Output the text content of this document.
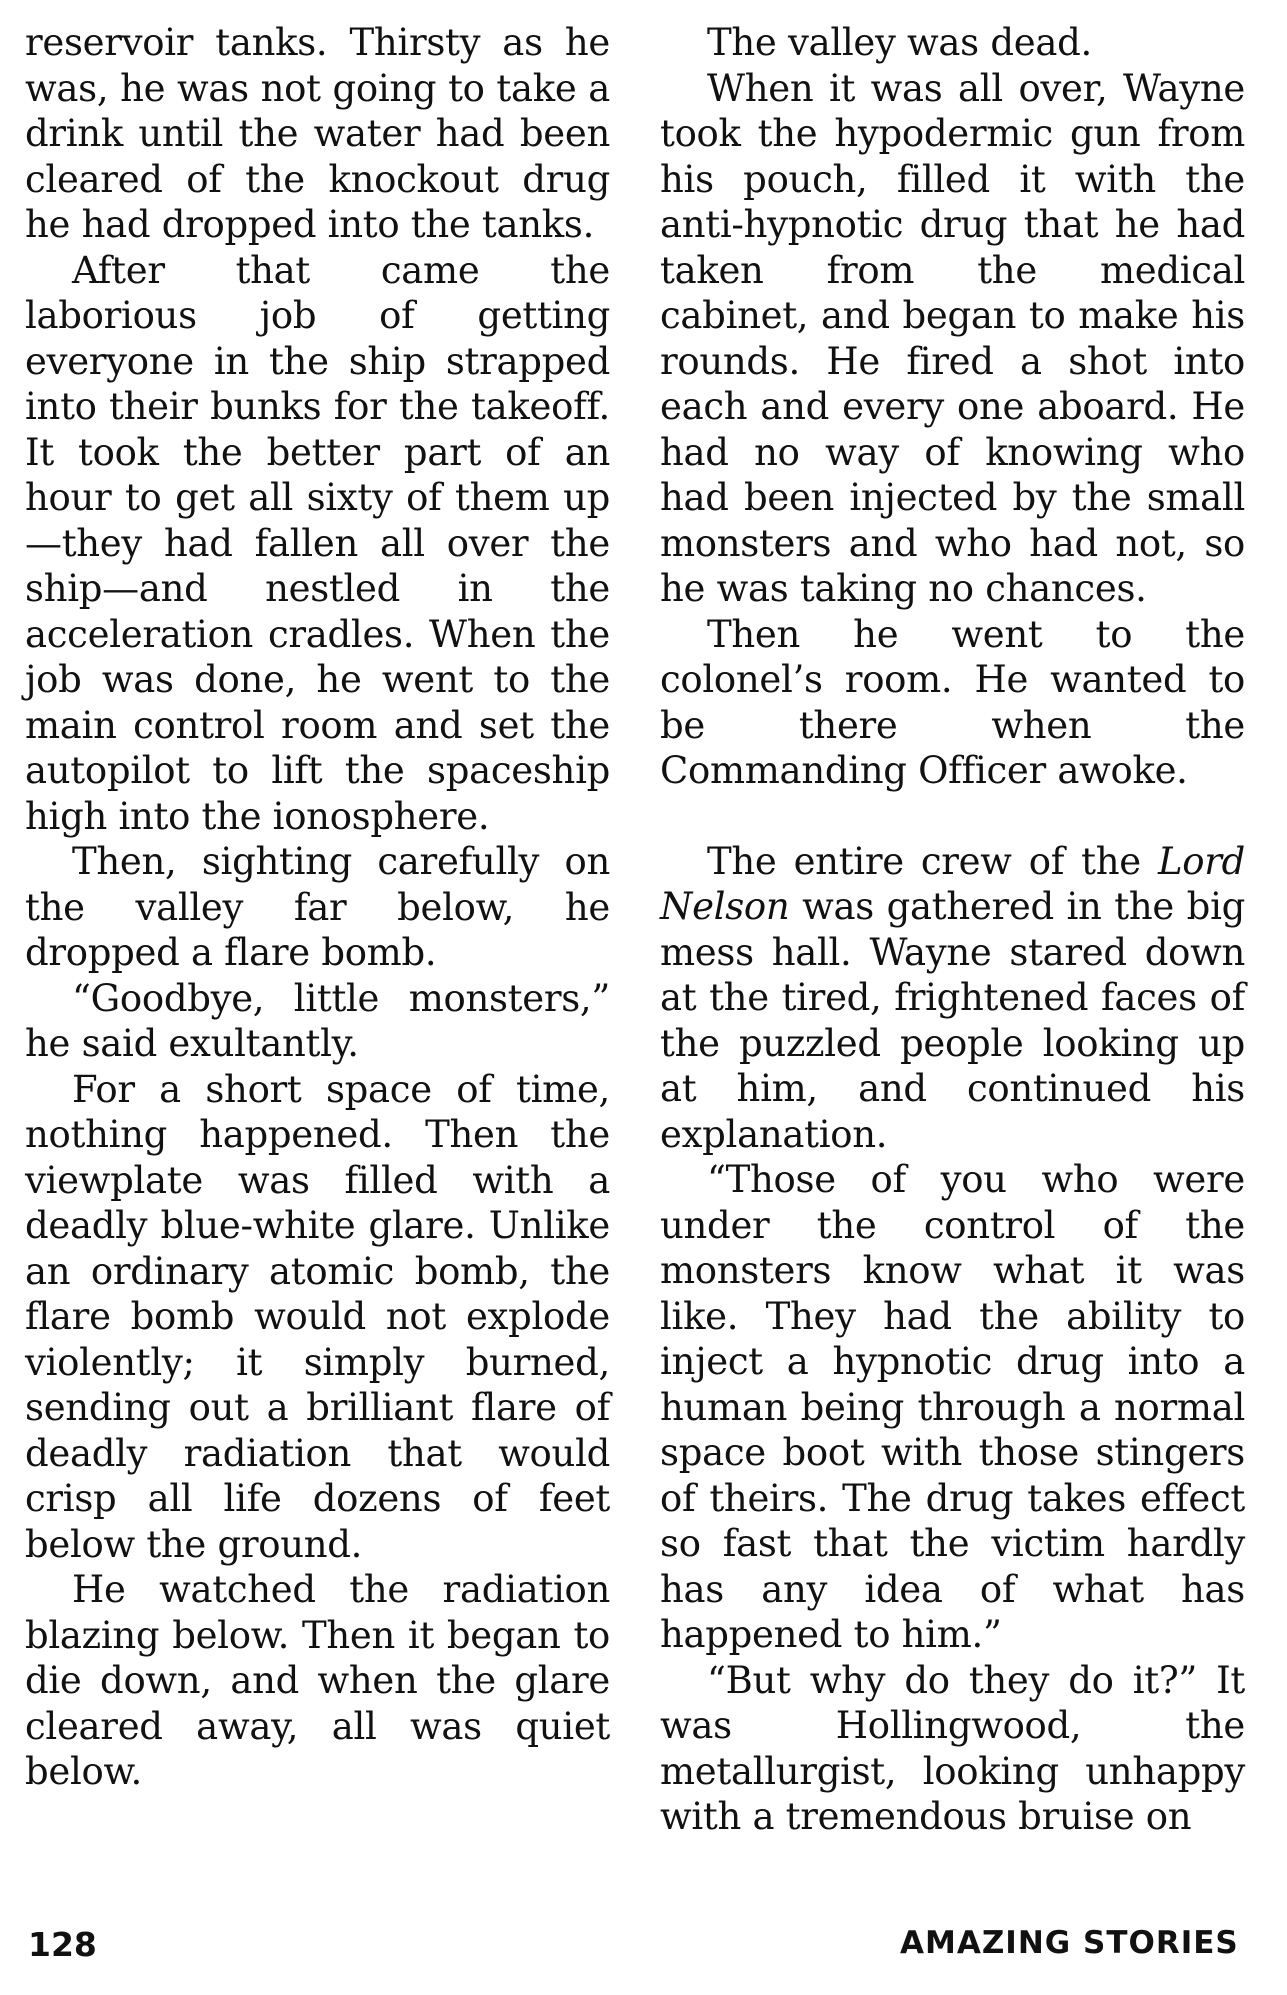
reservoir tanks. Thirsty as he was, he was not going to take a drink until the water had been cleared of the knockout drug he had dropped into the tanks.

After that came the laborious job of getting everyone in the ship strapped into their bunks for the takeoff. It took the better part of an hour to get all sixty of them up—they had fallen all over the ship—and nestled in the acceleration cradles. When the job was done, he went to the main control room and set the autopilot to lift the spaceship high into the ionosphere.

Then, sighting carefully on the valley far below, he dropped a flare bomb.

“Goodbye, little monsters,” he said exultantly.

For a short space of time, nothing happened. Then the viewplate was filled with a deadly blue-white glare. Unlike an ordinary atomic bomb, the flare bomb would not explode violently; it simply burned, sending out a brilliant flare of deadly radiation that would crisp all life dozens of feet below the ground.

He watched the radiation blazing below. Then it began to die down, and when the glare cleared away, all was quiet below.

The valley was dead.

When it was all over, Wayne took the hypodermic gun from his pouch, filled it with the anti-hypnotic drug that he had taken from the medical cabinet, and began to make his rounds. He fired a shot into each and every one aboard. He had no way of knowing who had been injected by the small monsters and who had not, so he was taking no chances.

Then he went to the colonel’s room. He wanted to be there when the Commanding Officer awoke.

The entire crew of the Lord Nelson was gathered in the big mess hall. Wayne stared down at the tired, frightened faces of the puzzled people looking up at him, and continued his explanation.

“Those of you who were under the control of the monsters know what it was like. They had the ability to inject a hypnotic drug into a human being through a normal space boot with those stingers of theirs. The drug takes effect so fast that the victim hardly has any idea of what has happened to him.”

“But why do they do it?” It was Hollingwood, the metallurgist, looking unhappy with a tremendous bruise on

128	AMAZING STORIES
